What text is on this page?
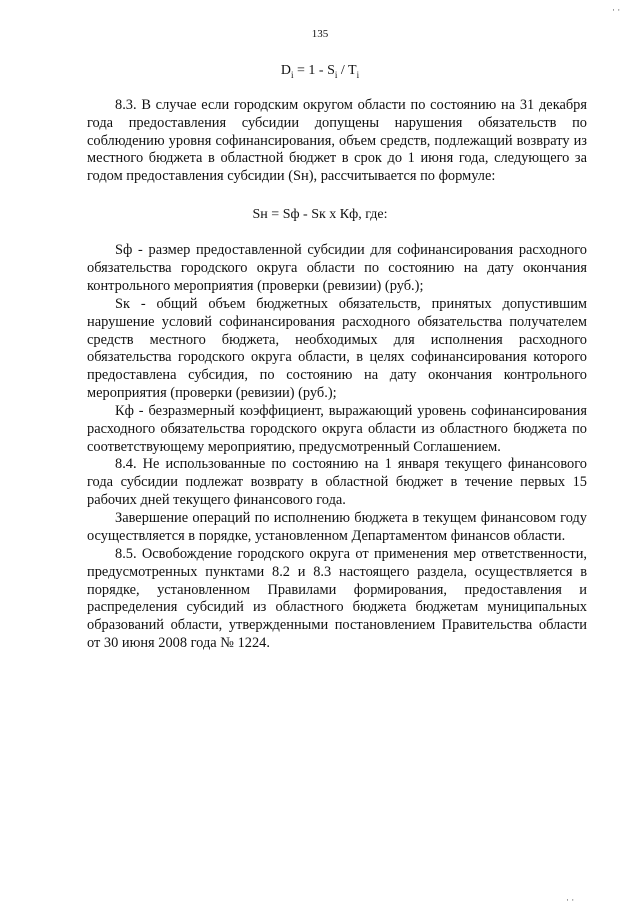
135
$D_i = 1 - S_i / T_i$

8.3. В случае если городским округом области по состоянию на 31 декабря года предоставления субсидии допущены нарушения обязательств по соблюдению уровня софинансирования, объем средств, подлежащий возврату из местного бюджета в областной бюджет в срок до 1 июня года, следующего за годом предоставления субсидии (Sн), рассчитывается по формуле:

Sн = Sф - Sк х Кф, где:

Sф - размер предоставленной субсидии для софинансирования расходного обязательства городского округа области по состоянию на дату окончания контрольного мероприятия (проверки (ревизии) (руб.);

Sк - общий объем бюджетных обязательств, принятых допустившим нарушение условий софинансирования расходного обязательства получателем средств местного бюджета, необходимых для исполнения расходного обязательства городского округа области, в целях софинансирования которого предоставлена субсидия, по состоянию на дату окончания контрольного мероприятия (проверки (ревизии) (руб.);

Кф - безразмерный коэффициент, выражающий уровень софинансирования расходного обязательства городского округа области из областного бюджета по соответствующему мероприятию, предусмотренный Соглашением.

8.4. Не использованные по состоянию на 1 января текущего финансового года субсидии подлежат возврату в областной бюджет в течение первых 15 рабочих дней текущего финансового года.

Завершение операций по исполнению бюджета в текущем финансовом году осуществляется в порядке, установленном Департаментом финансов области.

8.5. Освобождение городского округа от применения мер ответственности, предусмотренных пунктами 8.2 и 8.3 настоящего раздела, осуществляется в порядке, установленном Правилами формирования, предоставления и распределения субсидий из областного бюджета бюджетам муниципальных образований области, утвержденными постановлением Правительства области от 30 июня 2008 года № 1224.

· ·
· ·
